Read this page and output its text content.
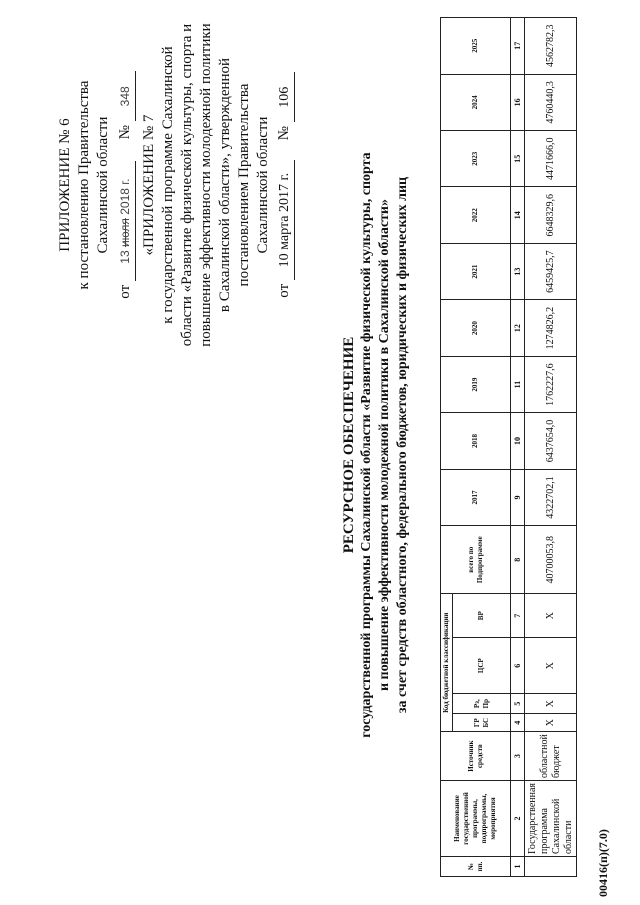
ПРИЛОЖЕНИЕ № 6 к постановлению Правительства Сахалинской области
от 13 июля 2018 г. № 348
«ПРИЛОЖЕНИЕ № 7 к государственной программе Сахалинской области «Развитие физической культуры, спорта и повышение эффективности молодежной политики в Сахалинской области», утвержденной постановлением Правительства Сахалинской области
от 10 марта 2017 г. № 106
РЕСУРСНОЕ ОБЕСПЕЧЕНИЕ государственной программы Сахалинской области «Развитие физической культуры, спорта и повышение эффективности молодежной политики в Сахалинской области» за счет средств областного, федерального бюджетов, юридических и физических лиц
№ пп.	Наименование государственной программы, подпрограммы, мероприятия	Источник средств	Код бюджетной классификации				всего по Подпрограмме	2017	2018	2019	2020	2021	2022	2023	2024	2025
			ГР БС	Рз, Пр	ЦСР	ВР										
1	2	3	4	5	6	7	8	9	10	11	12	13	14	15	16	17
	Государственная программа Сахалинской области	областной бюджет	Х	Х	Х	Х	40700053,8	4322702,1	6437654,0	1762227,6	1274826,2	6459425,7	6648329,6	4471666,0	4760440,3	4562782,3
00416(п)(7.0)
